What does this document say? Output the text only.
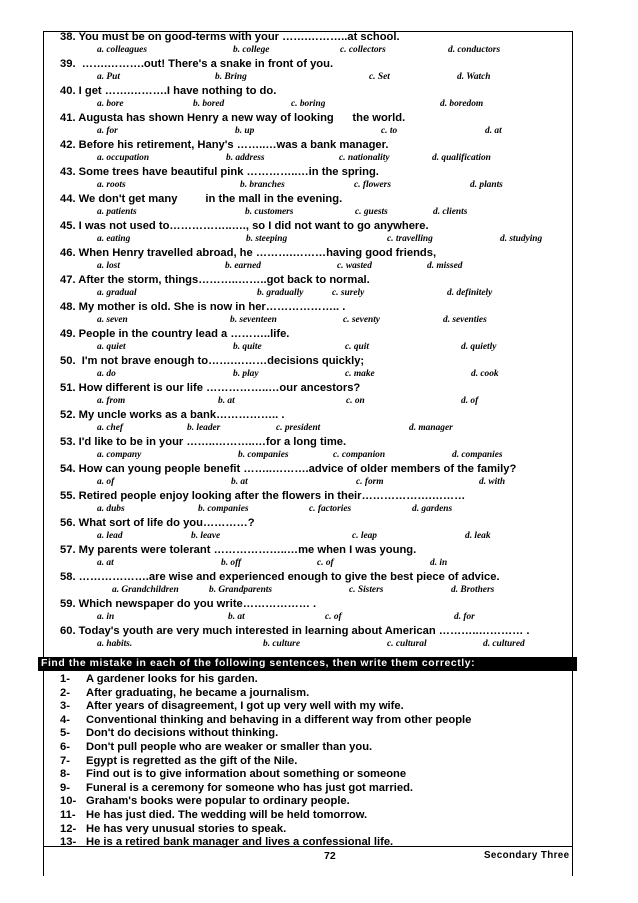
38. You must be on good-terms with your …….………..at school.
a. colleagues	b. college	c. collectors	d. conductors
39.  …….……….out! There's a snake in front of you.
a. Put	b. Bring	c. Set	d. Watch
40. I get …….……….I have nothing to do.
a. bore	b. bored	c. boring	d. boredom
41. Augusta has shown Henry a new way of looking      the world.
a. for	b. up	c. to	d. at
42. Before his retirement, Hany's ……..…was a bank manager.
a. occupation	b. address	c. nationality	d. qualification
43. Some trees have beautiful pink …………..…in the spring.
a. roots	b. branches	c. flowers	d. plants
44. We don't get many         in the mall in the evening.
a. patients	b. customers	c. guests	d. clients
45. I was not used to……………..…., so I did not want to go anywhere.
a. eating	b. steeping	c. travelling	d. studying
46. When Henry travelled abroad, he ……….………having good friends,
a. lost	b. earned	c. wasted	d. missed
47. After the storm, things………..……..got back to normal.
a. gradual	b. gradually	c. surely	d. definitely
48. My mother is old. She is now in her……………….. .
a. seven	b. seventeen	c. seventy	d. seventies
49. People in the country lead a ………..life.
a. quiet	b. quite	c. quit	d. quietly
50.  I'm not brave enough to…….………decisions quickly;
a. do	b. play	c. make	d. cook
51. How different is our life ……………..…our ancestors?
a. from	b. at	c. on	d. of
52. My uncle works as a bank…………….. .
a. chef	b. leader	c. president	d. manager
53. I'd like to be in your ……..………..…for a long time.
a. company	b. companies	c. companion	d. companies
54. How can young people benefit ……..……….advice of older members of the family?
a. of	b. at	c. form	d. with
55. Retired people enjoy looking after the flowers in their……………….………
a. dubs	b. companies	c. factories	d. gardens
56. What sort of life do you…………?
a. lead	b. leave	c. leap	d. leak
57. My parents were tolerant ………………..…me when I was young.
a. at	b. off	c. of	d. in
58. ……………….are wise and experienced enough to give the best piece of advice.
a. Grandchildren	b. Grandparents	c. Sisters	d. Brothers
59. Which newspaper do you write……………… .
a. in	b. at	c. of	d. for
60. Today's youth are very much interested in learning about American ………..………… .
a. habits.	b. culture	c. cultural	d. cultured
Find the mistake in each of the following sentences, then write them correctly:
1- A gardener looks for his garden.
2- After graduating, he became a journalism.
3- After years of disagreement, I got up very well with my wife.
4- Conventional thinking and behaving in a different way from other people
5- Don't do decisions without thinking.
6- Don't pull people who are weaker or smaller than you.
7- Egypt is regretted as the gift of the Nile.
8- Find out is to give information about something or someone
9- Funeral is a ceremony for someone who has just got married.
10- Graham's books were popular to ordinary people.
11- He has just died. The wedding will be held tomorrow.
12- He has very unusual stories to speak.
13- He is a retired bank manager and lives a confessional life.
72	Secondary Three
